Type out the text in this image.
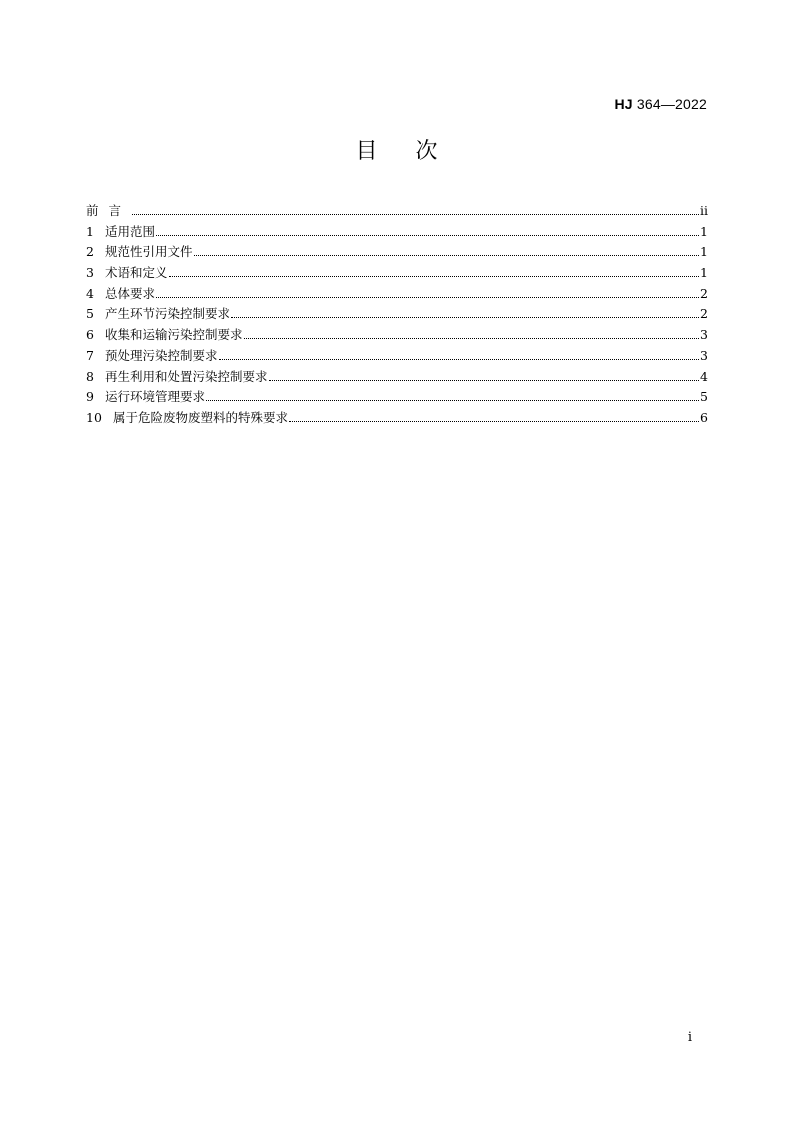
HJ 364—2022
目次
前言	ii
1 适用范围	1
2 规范性引用文件	1
3 术语和定义	1
4 总体要求	2
5 产生环节污染控制要求	2
6 收集和运输污染控制要求	3
7 预处理污染控制要求	3
8 再生利用和处置污染控制要求	4
9 运行环境管理要求	5
10 属于危险废物废塑料的特殊要求	6
i
